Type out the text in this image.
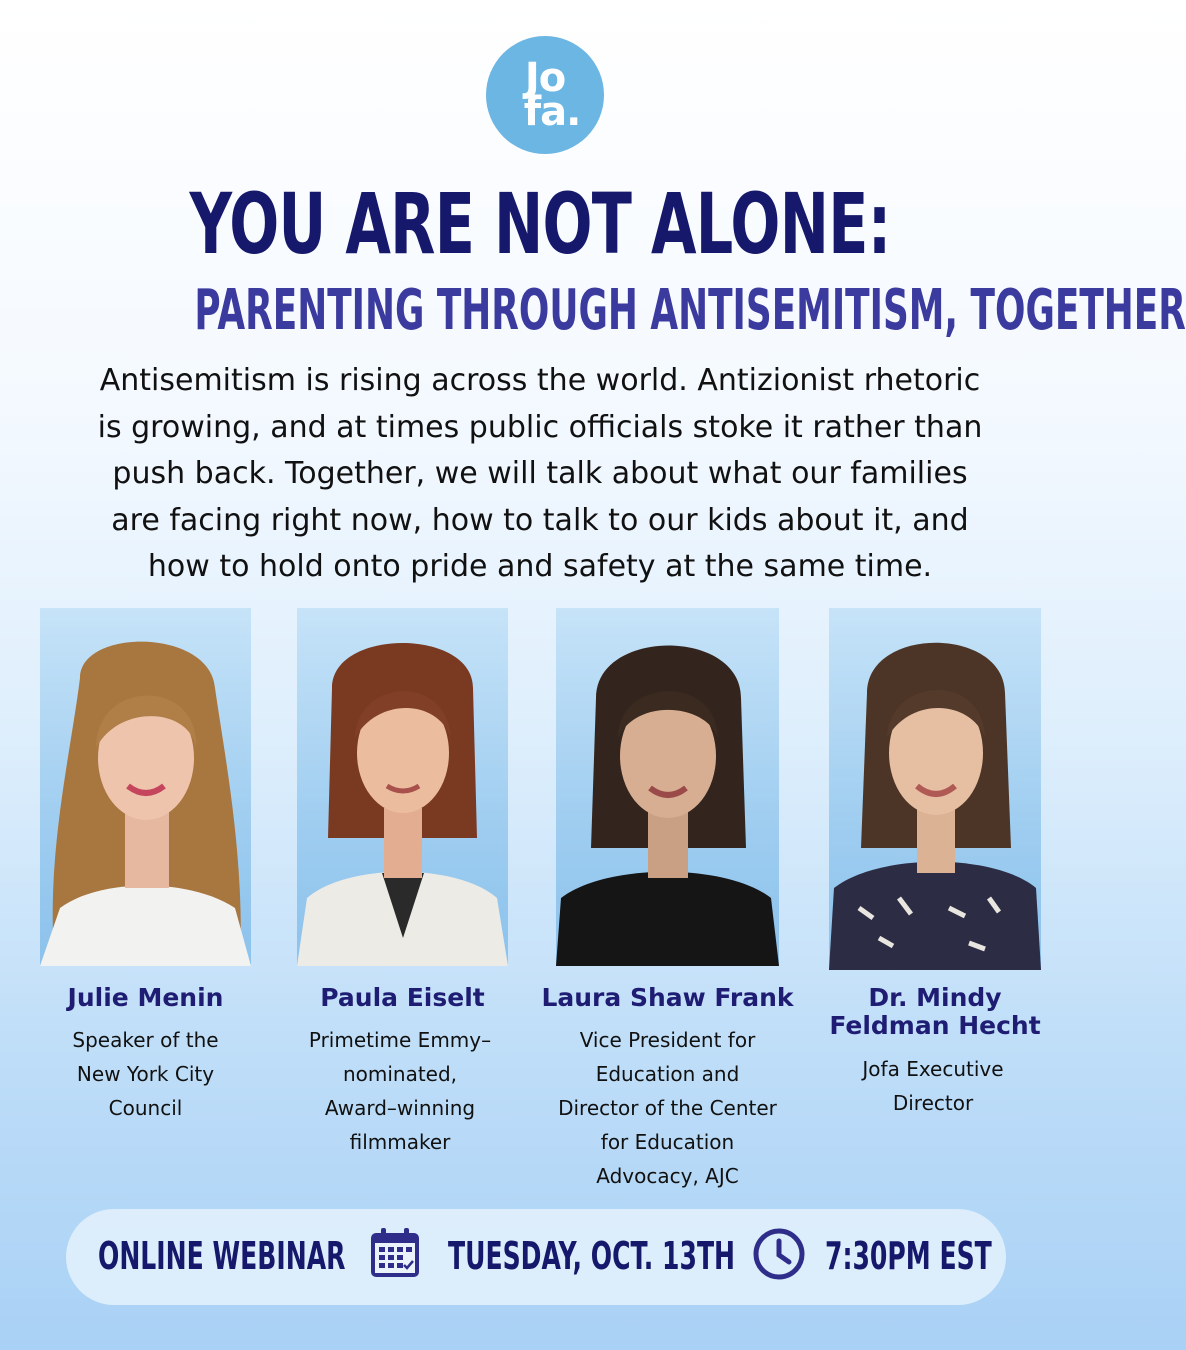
Jo
fa.
YOU ARE NOT ALONE:
PARENTING THROUGH ANTISEMITISM, TOGETHER
Antisemitism is rising across the world. Antizionist rhetoric
is growing, and at times public officials stoke it rather than
push back. Together, we will talk about what our families
are facing right now, how to talk to our kids about it, and
how to hold onto pride and safety at the same time.
Julie Menin
Speaker of the
New York City
Council
Paula Eiselt
Primetime Emmy–
nominated,
Award–winning
filmmaker
Laura Shaw Frank
Vice President for
Education and
Director of the Center
for Education
Advocacy, AJC
Dr. Mindy
Feldman Hecht
Jofa Executive
Director
ONLINE WEBINAR	TUESDAY, OCT. 13TH 7:30PM EST
